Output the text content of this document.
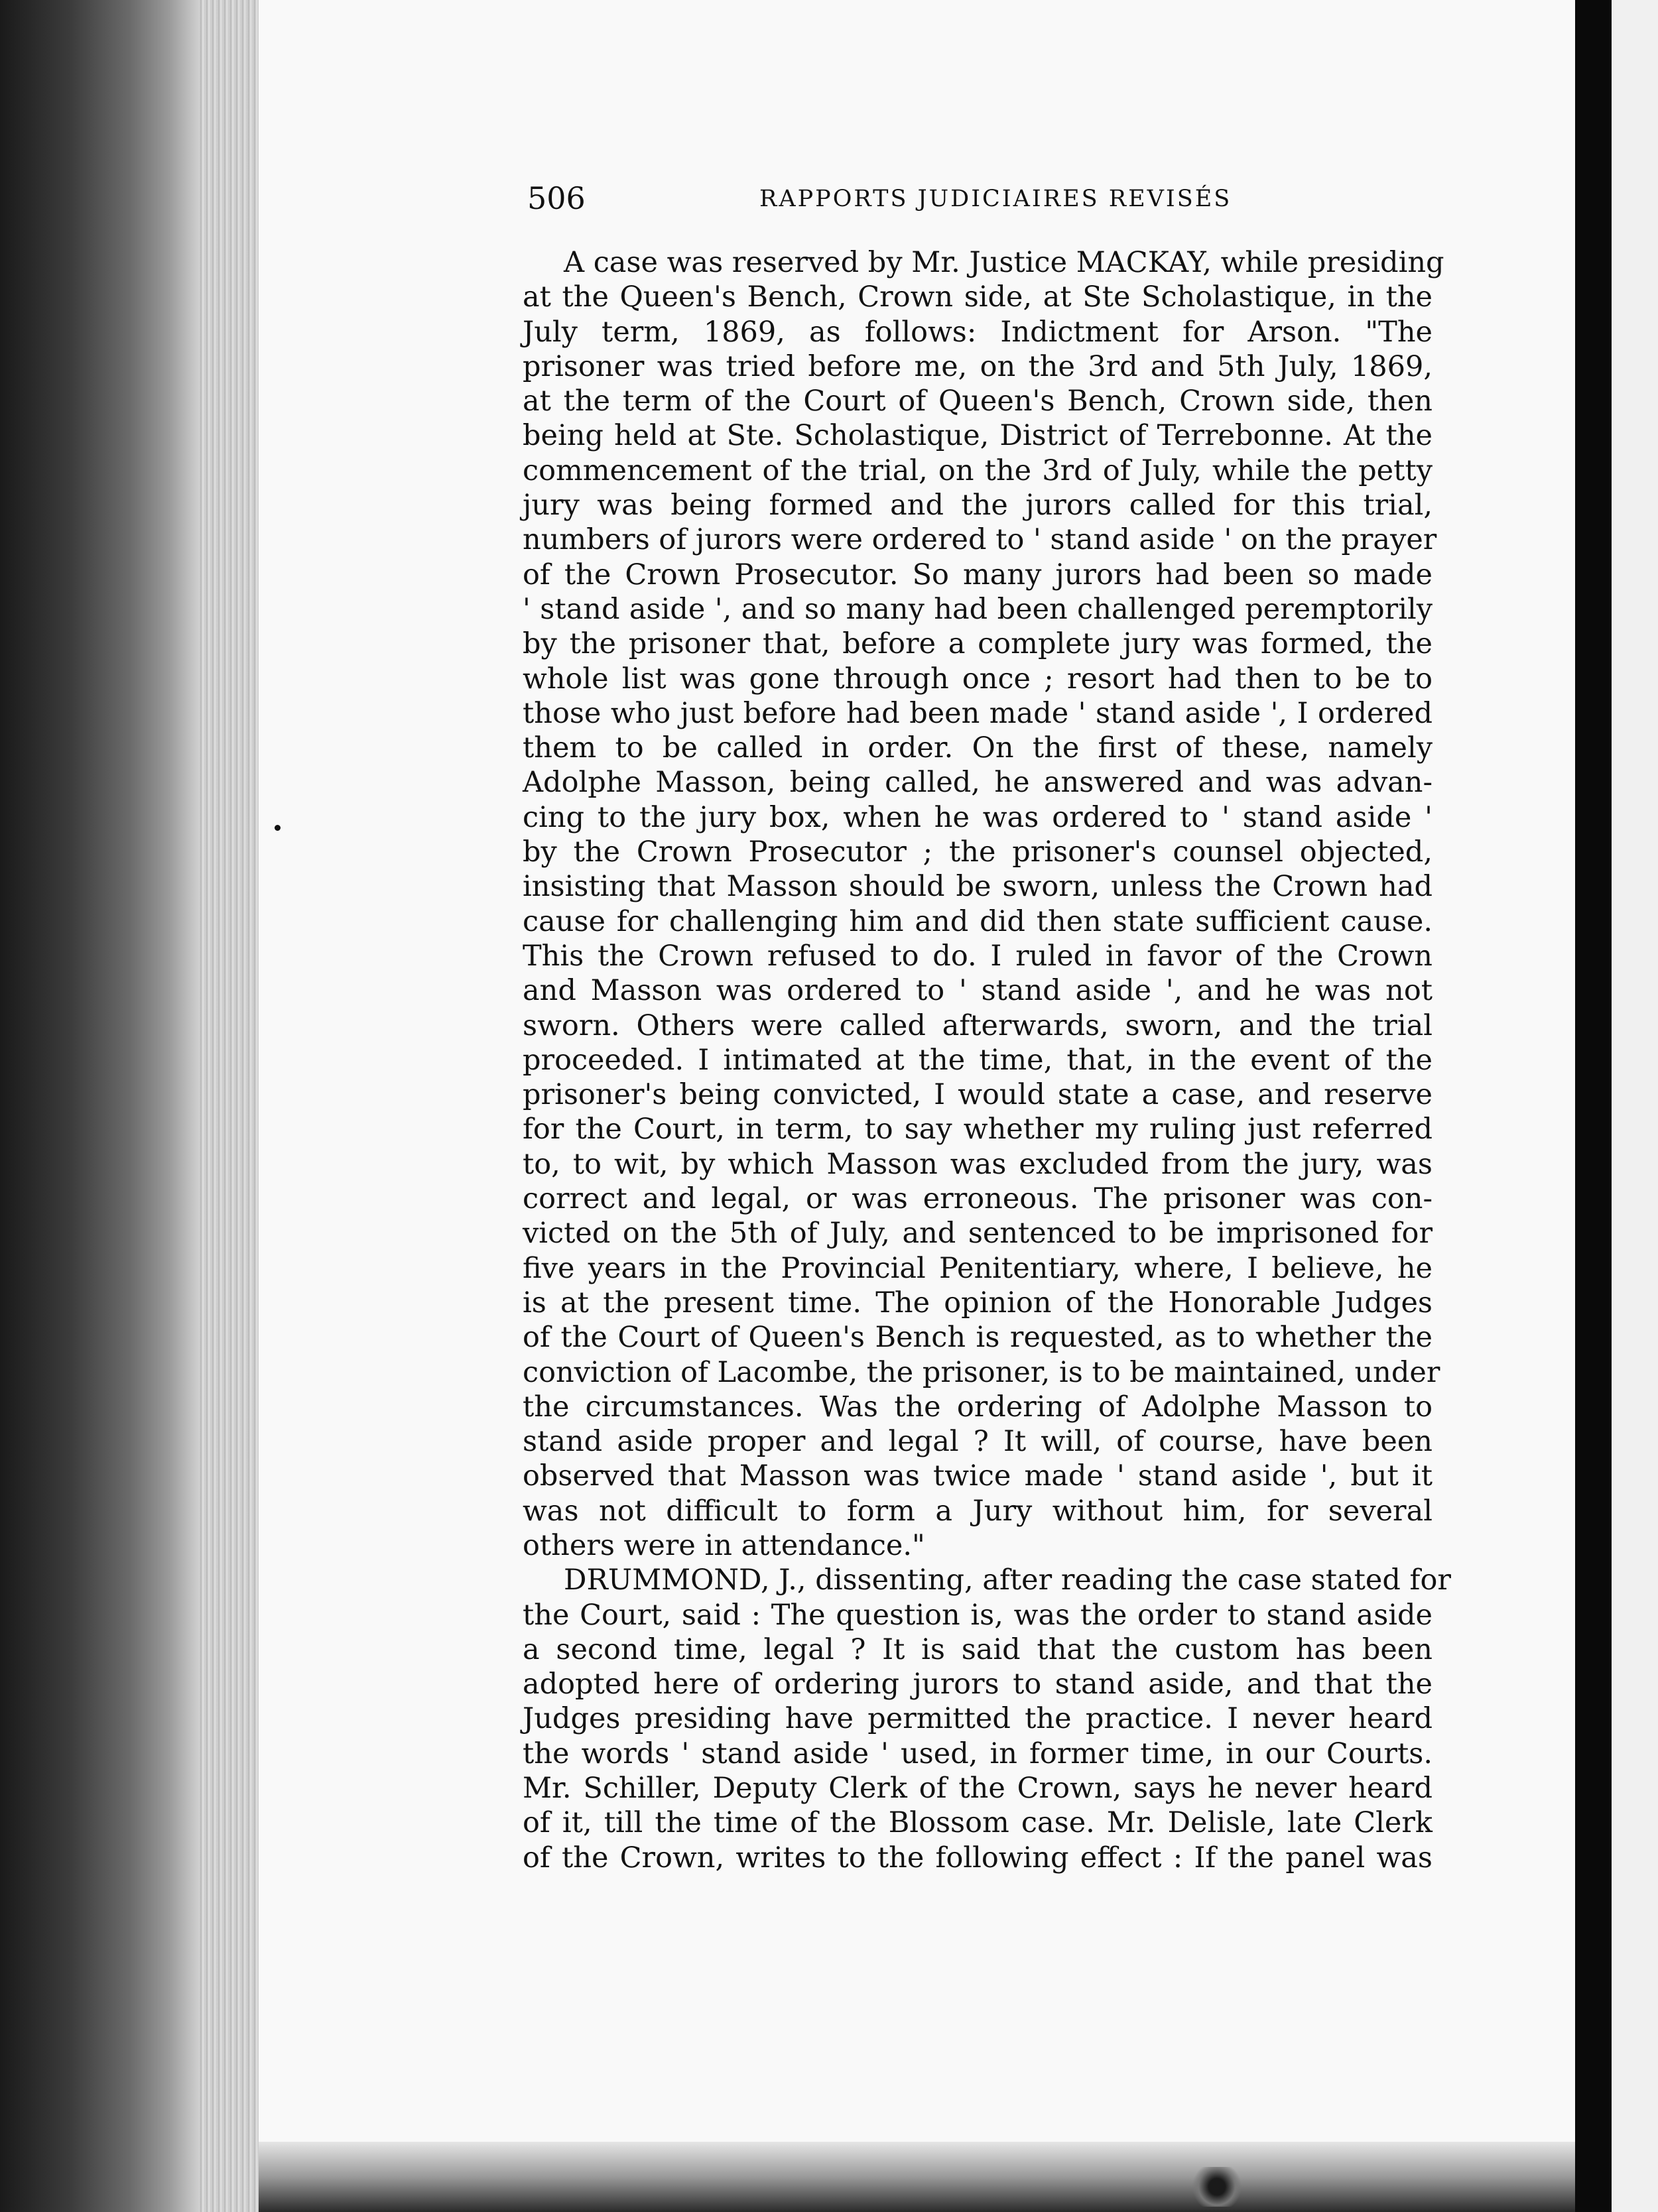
506	RAPPORTS JUDICIAIRES REVISÉS
A case was reserved by Mr. Justice MACKAY, while presiding
at the Queen's Bench, Crown side, at Ste Scholastique, in the
July term, 1869, as follows: Indictment for Arson. "The
prisoner was tried before me, on the 3rd and 5th July, 1869,
at the term of the Court of Queen's Bench, Crown side, then
being held at Ste. Scholastique, District of Terrebonne. At the
commencement of the trial, on the 3rd of July, while the petty
jury was being formed and the jurors called for this trial,
numbers of jurors were ordered to ' stand aside ' on the prayer
of the Crown Prosecutor. So many jurors had been so made
' stand aside ', and so many had been challenged peremptorily
by the prisoner that, before a complete jury was formed, the
whole list was gone through once ; resort had then to be to
those who just before had been made ' stand aside ', I ordered
them to be called in order. On the first of these, namely
Adolphe Masson, being called, he answered and was advan-
cing to the jury box, when he was ordered to ' stand aside '
by the Crown Prosecutor ; the prisoner's counsel objected,
insisting that Masson should be sworn, unless the Crown had
cause for challenging him and did then state sufficient cause.
This the Crown refused to do. I ruled in favor of the Crown
and Masson was ordered to ' stand aside ', and he was not
sworn. Others were called afterwards, sworn, and the trial
proceeded. I intimated at the time, that, in the event of the
prisoner's being convicted, I would state a case, and reserve
for the Court, in term, to say whether my ruling just referred
to, to wit, by which Masson was excluded from the jury, was
correct and legal, or was erroneous. The prisoner was con-
victed on the 5th of July, and sentenced to be imprisoned for
five years in the Provincial Penitentiary, where, I believe, he
is at the present time. The opinion of the Honorable Judges
of the Court of Queen's Bench is requested, as to whether the
conviction of Lacombe, the prisoner, is to be maintained, under
the circumstances. Was the ordering of Adolphe Masson to
stand aside proper and legal ? It will, of course, have been
observed that Masson was twice made ' stand aside ', but it
was not difficult to form a Jury without him, for several
others were in attendance."
DRUMMOND, J., dissenting, after reading the case stated for
the Court, said : The question is, was the order to stand aside
a second time, legal ? It is said that the custom has been
adopted here of ordering jurors to stand aside, and that the
Judges presiding have permitted the practice. I never heard
the words ' stand aside ' used, in former time, in our Courts.
Mr. Schiller, Deputy Clerk of the Crown, says he never heard
of it, till the time of the Blossom case. Mr. Delisle, late Clerk
of the Crown, writes to the following effect : If the panel was
